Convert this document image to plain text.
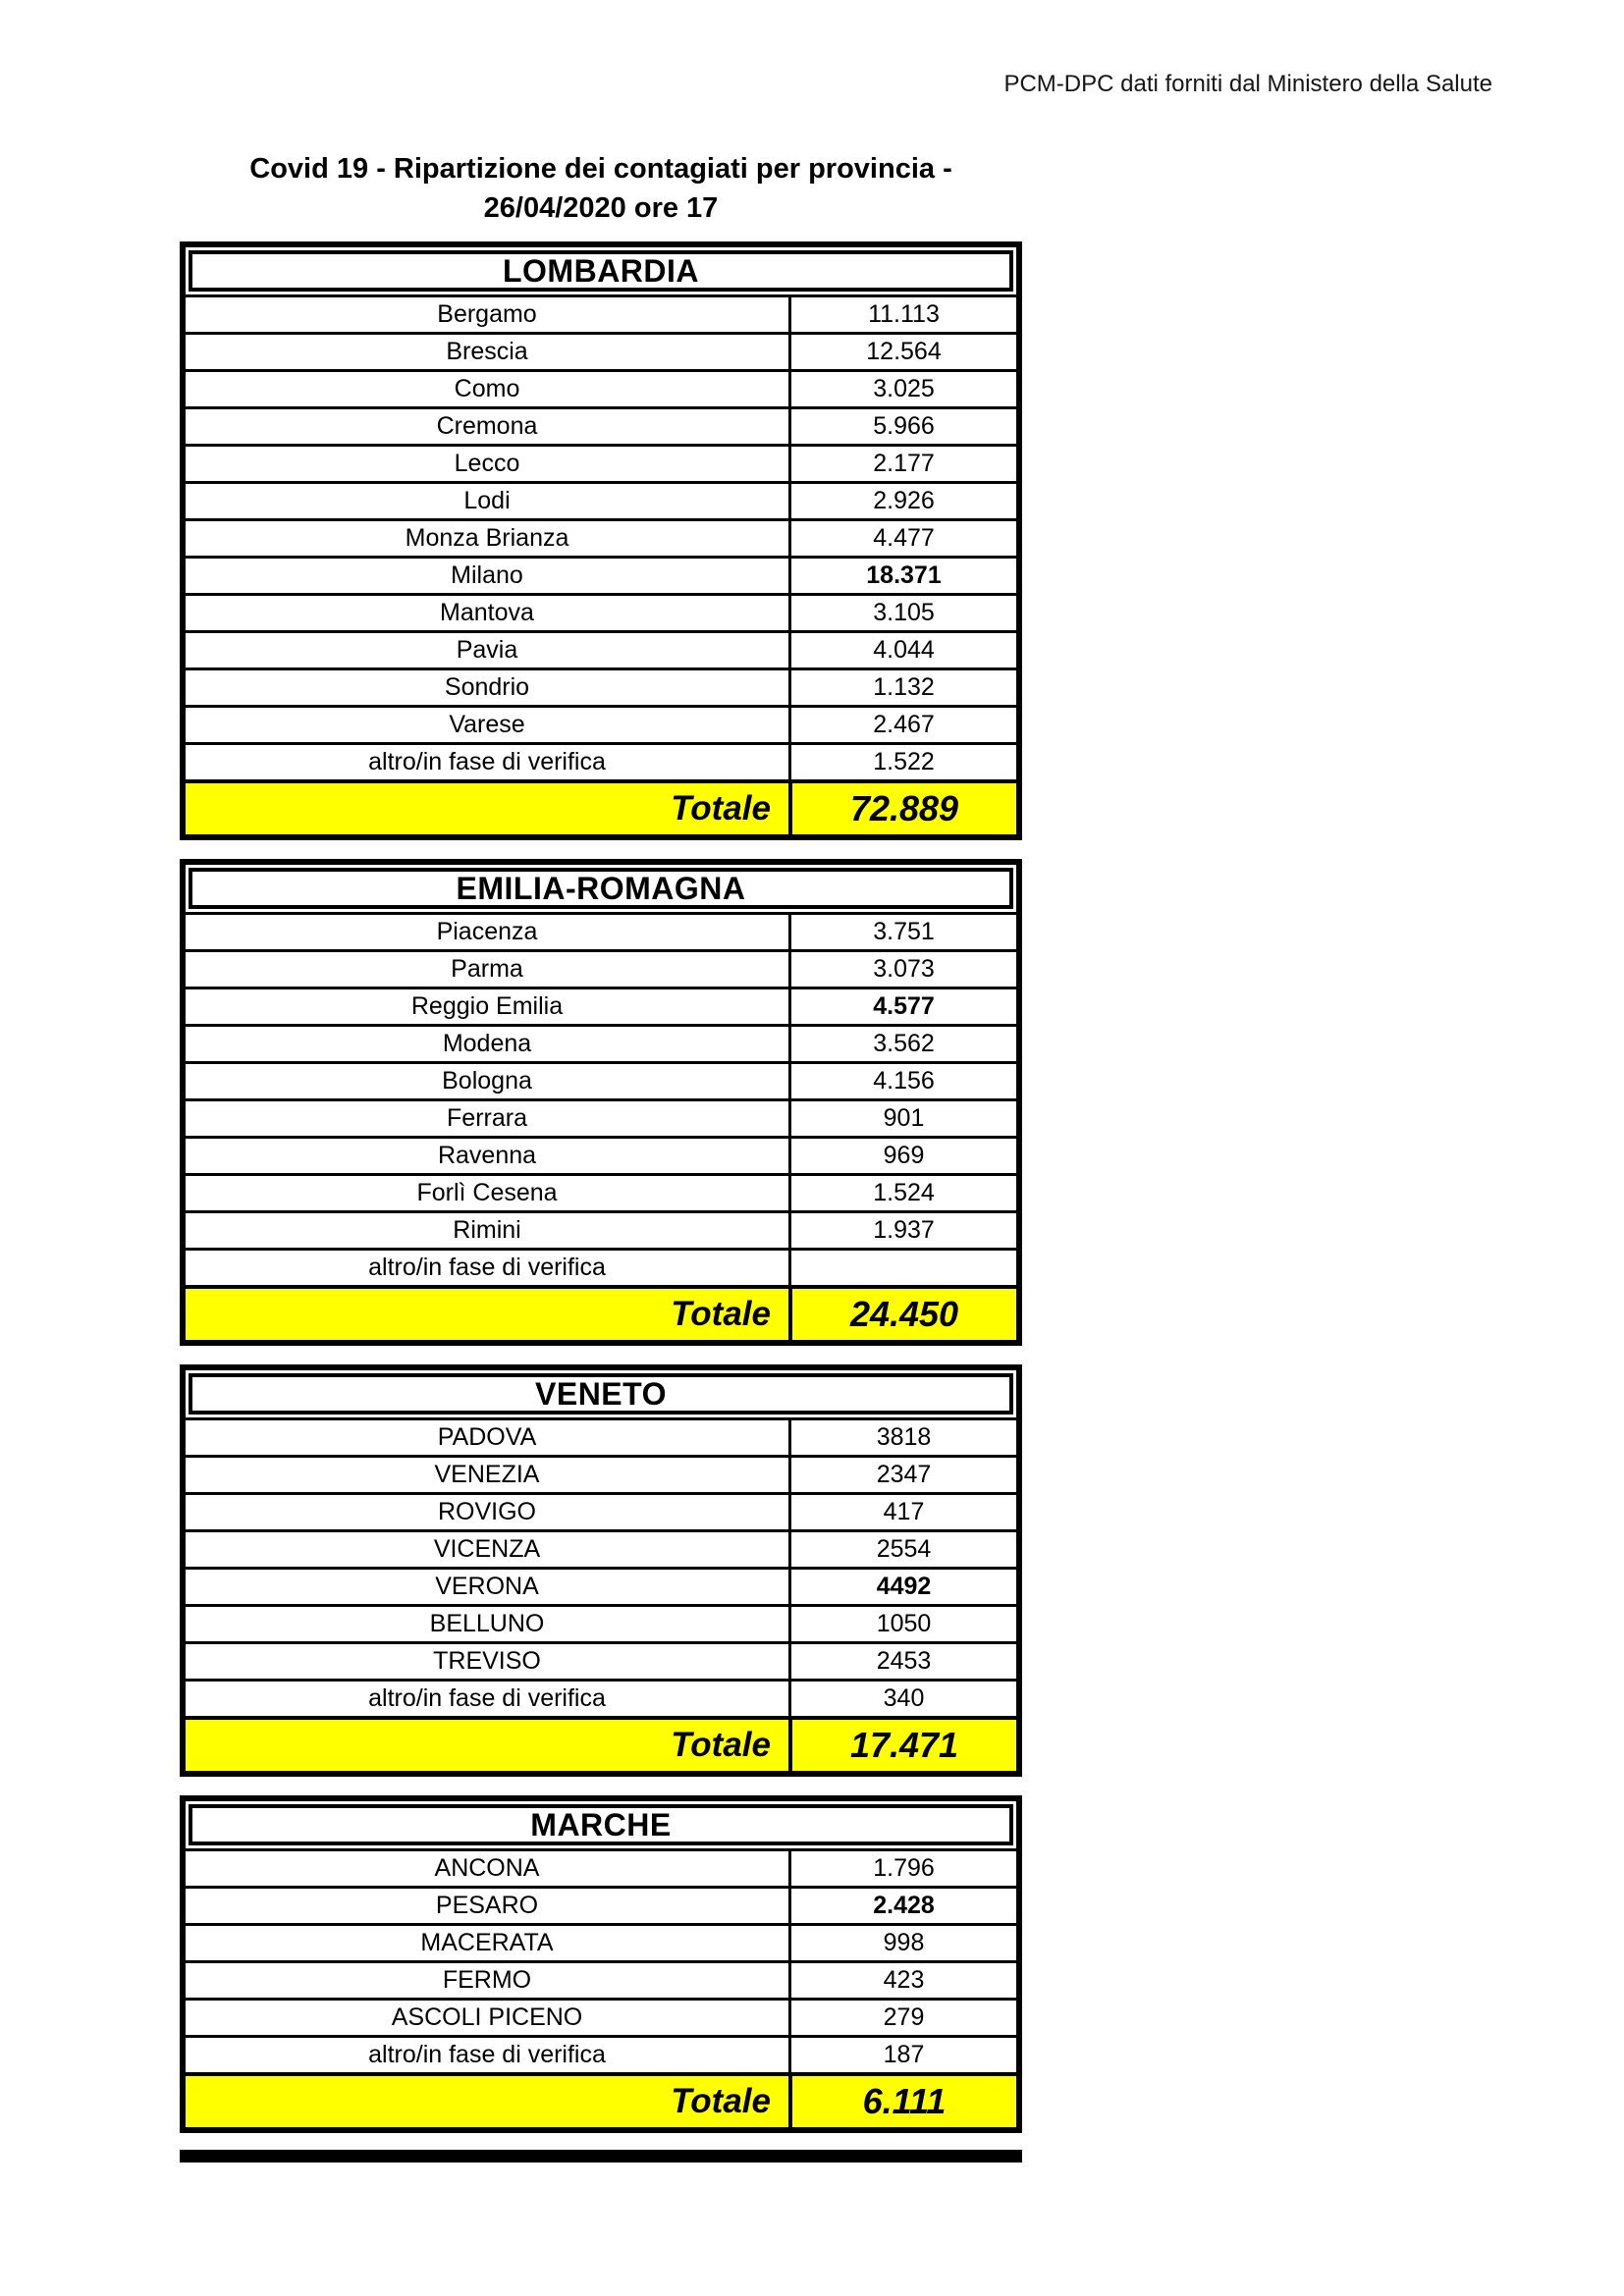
PCM-DPC dati forniti dal Ministero della Salute
Covid 19 - Ripartizione dei contagiati per provincia -
26/04/2020 ore 17
LOMBARDIA
Bergamo	11.113
Brescia	12.564
Como	3.025
Cremona	5.966
Lecco	2.177
Lodi	2.926
Monza Brianza	4.477
Milano	18.371
Mantova	3.105
Pavia	4.044
Sondrio	1.132
Varese	2.467
altro/in fase di verifica	1.522
Totale	72.889
EMILIA-ROMAGNA
Piacenza	3.751
Parma	3.073
Reggio Emilia	4.577
Modena	3.562
Bologna	4.156
Ferrara	901
Ravenna	969
Forlì Cesena	1.524
Rimini	1.937
altro/in fase di verifica
Totale	24.450
VENETO
PADOVA	3818
VENEZIA	2347
ROVIGO	417
VICENZA	2554
VERONA	4492
BELLUNO	1050
TREVISO	2453
altro/in fase di verifica	340
Totale	17.471
MARCHE
ANCONA	1.796
PESARO	2.428
MACERATA	998
FERMO	423
ASCOLI PICENO	279
altro/in fase di verifica	187
Totale	6.111
